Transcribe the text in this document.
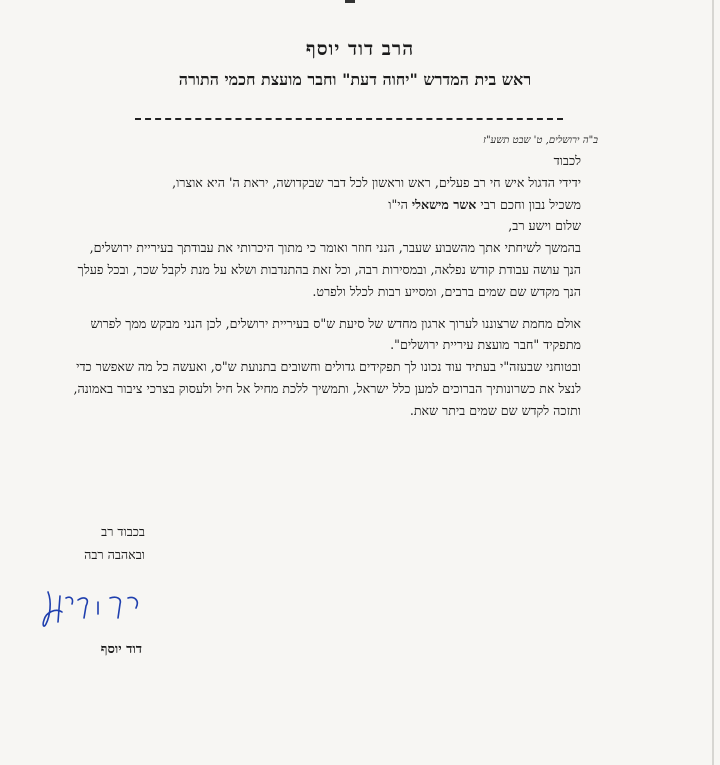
הרב דוד יוסף
ראש בית המדרש "יחוה דעת" וחבר מועצת חכמי התורה
ב"ה ירושלים, ט' שבט תשע"ז

לכבוד

ידידי הדגול איש חי רב פעלים, ראש וראשון לכל דבר שבקדושה, יראת ה' היא אוצרו,

משכיל נבון וחכם רבי אשר מישאלי הי"ו

שלום וישע רב,

בהמשך לשיחתי אתך מהשבוע שעבר, הנני חוזר ואומר כי מתוך היכרותי את עבודתך בעיריית ירושלים, הנך עושה עבודת קודש נפלאה, ובמסירות רבה, וכל זאת בהתנדבות ושלא על מנת לקבל שכר, ובכל פעלך הנך מקדש שם שמים ברבים, ומסייע רבות לכלל ולפרט.

אולם מחמת שרצוננו לערוך ארגון מחדש של סיעת ש"ס בעיריית ירושלים, לכן הנני מבקש ממך לפרוש מתפקיד "חבר מועצת עיריית ירושלים".

ובטוחני שבעזה"י בעתיד עוד נכונו לך תפקידים גדולים וחשובים בתנועת ש"ס, ואעשה כל מה שאפשר כדי לנצל את כשרונותיך הברוכים למען כלל ישראל, ותמשיך ללכת מחיל אל חיל ולעסוק בצרכי ציבור באמונה, ותזכה לקדש שם שמים ביתר שאת.

בכבוד רב
ובאהבה רבה
דוד יוסף
